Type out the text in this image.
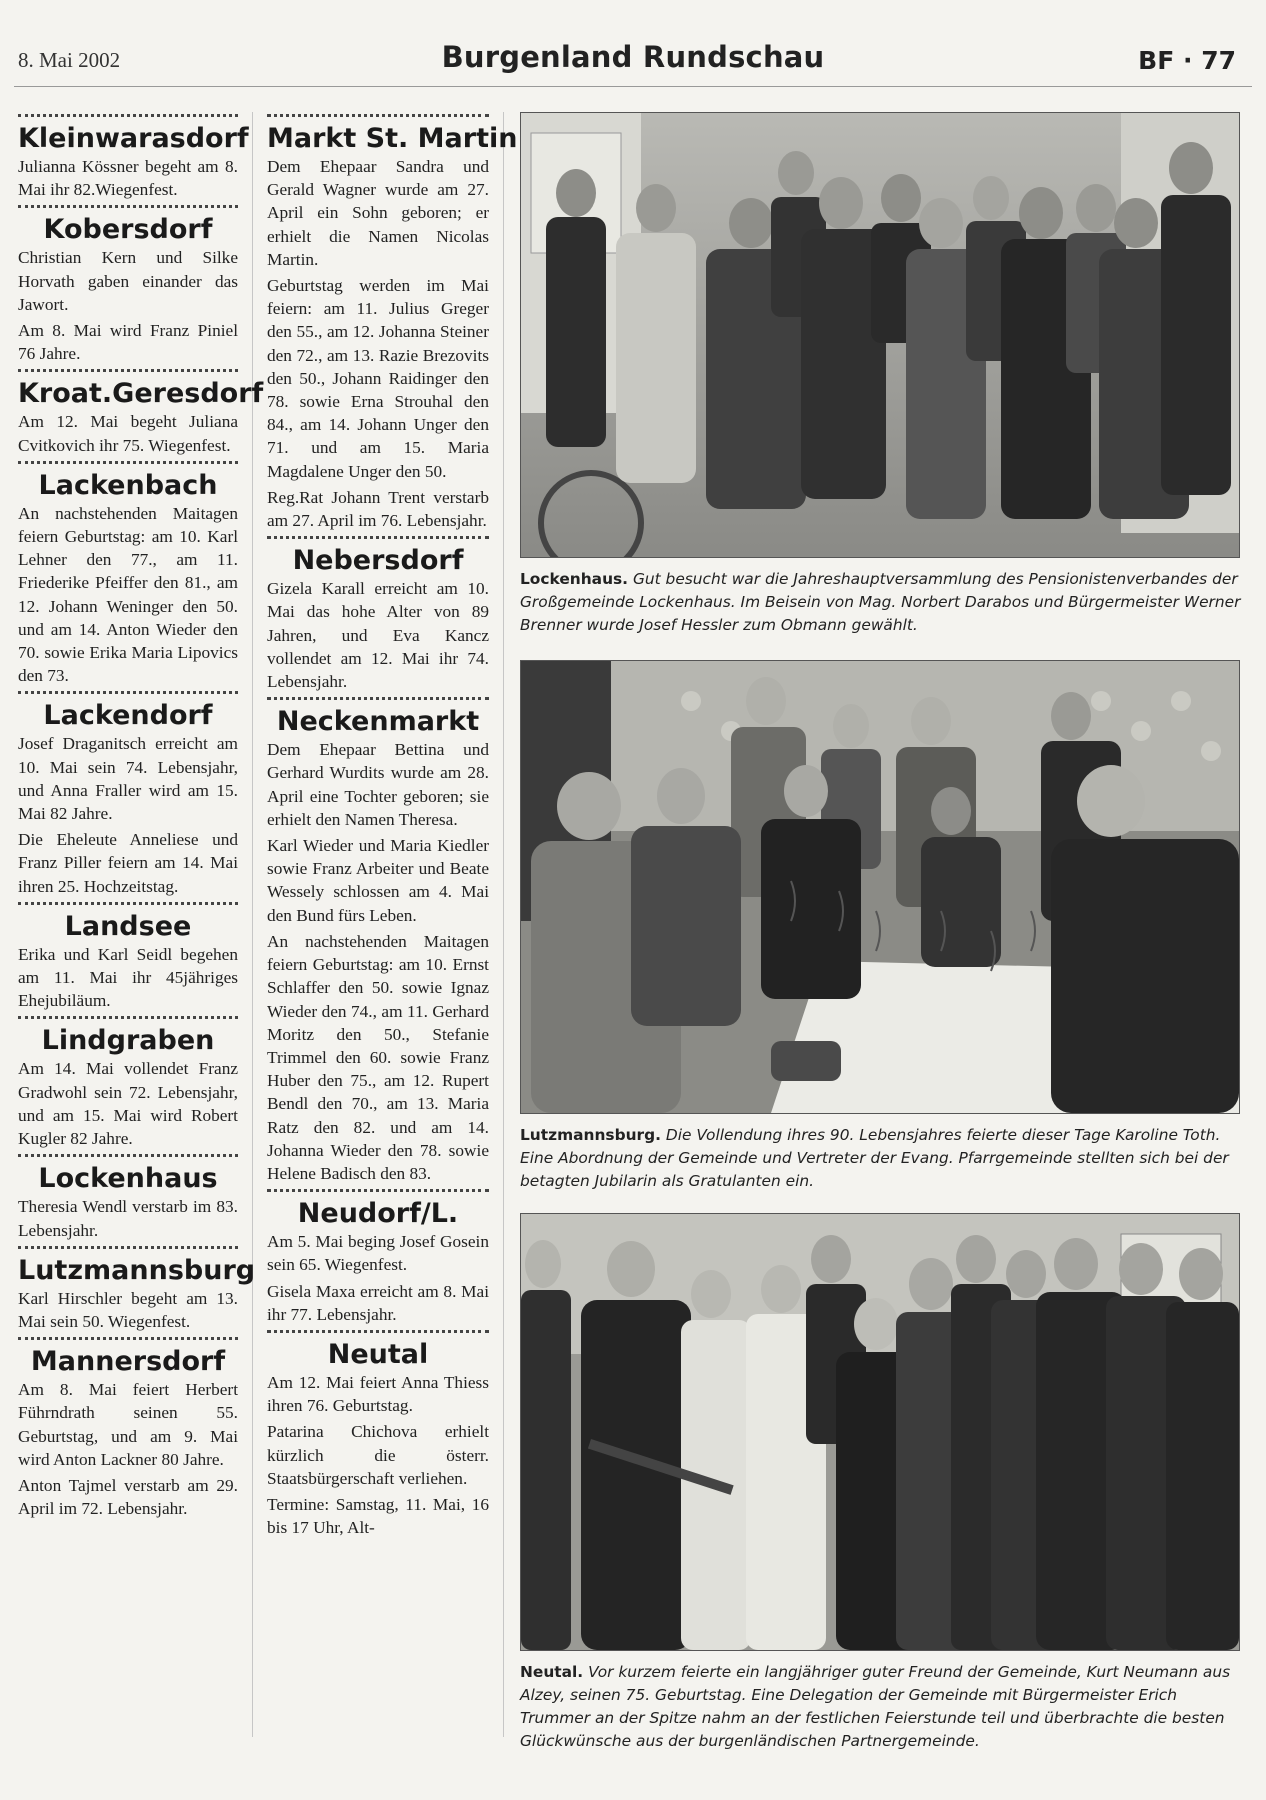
8. Mai 2002	Burgenland Rundschau	BF · 77
Kleinwarasdorf

Julianna Kössner begeht am 8. Mai ihr 82.Wiegenfest.

Kobersdorf

Christian Kern und Silke Horvath gaben einander das Jawort.

Am 8. Mai wird Franz Piniel 76 Jahre.

Kroat.Geresdorf

Am 12. Mai begeht Juliana Cvitkovich ihr 75. Wiegenfest.

Lackenbach

An nachstehenden Maitagen feiern Geburtstag: am 10. Karl Lehner den 77., am 11. Friederike Pfeiffer den 81., am 12. Johann Weninger den 50. und am 14. Anton Wieder den 70. sowie Erika Maria Lipovics den 73.

Lackendorf

Josef Draganitsch erreicht am 10. Mai sein 74. Lebensjahr, und Anna Fraller wird am 15. Mai 82 Jahre.

Die Eheleute Anneliese und Franz Piller feiern am 14. Mai ihren 25. Hochzeitstag.

Landsee

Erika und Karl Seidl begehen am 11. Mai ihr 45jähriges Ehejubiläum.

Lindgraben

Am 14. Mai vollendet Franz Gradwohl sein 72. Lebensjahr, und am 15. Mai wird Robert Kugler 82 Jahre.

Lockenhaus

Theresia Wendl verstarb im 83. Lebensjahr.

Lutzmannsburg

Karl Hirschler begeht am 13. Mai sein 50. Wiegenfest.

Mannersdorf

Am 8. Mai feiert Herbert Führndrath seinen 55. Geburtstag, und am 9. Mai wird Anton Lackner 80 Jahre.

Anton Tajmel verstarb am 29. April im 72. Lebensjahr.

Markt St. Martin

Dem Ehepaar Sandra und Gerald Wagner wurde am 27. April ein Sohn geboren; er erhielt die Namen Nicolas Martin.

Geburtstag werden im Mai feiern: am 11. Julius Greger den 55., am 12. Johanna Steiner den 72., am 13. Razie Brezovits den 50., Johann Raidinger den 78. sowie Erna Strouhal den 84., am 14. Johann Unger den 71. und am 15. Maria Magdalene Unger den 50.

Reg.Rat Johann Trent verstarb am 27. April im 76. Lebensjahr.

Nebersdorf

Gizela Karall erreicht am 10. Mai das hohe Alter von 89 Jahren, und Eva Kancz vollendet am 12. Mai ihr 74. Lebensjahr.

Neckenmarkt

Dem Ehepaar Bettina und Gerhard Wurdits wurde am 28. April eine Tochter geboren; sie erhielt den Namen Theresa.

Karl Wieder und Maria Kiedler sowie Franz Arbeiter und Beate Wessely schlossen am 4. Mai den Bund fürs Leben.

An nachstehenden Maitagen feiern Geburtstag: am 10. Ernst Schlaffer den 50. sowie Ignaz Wieder den 74., am 11. Gerhard Moritz den 50., Stefanie Trimmel den 60. sowie Franz Huber den 75., am 12. Rupert Bendl den 70., am 13. Maria Ratz den 82. und am 14. Johanna Wieder den 78. sowie Helene Badisch den 83.

Neudorf/L.

Am 5. Mai beging Josef Gosein sein 65. Wiegenfest.

Gisela Maxa erreicht am 8. Mai ihr 77. Lebensjahr.

Neutal

Am 12. Mai feiert Anna Thiess ihren 76. Geburtstag.

Patarina Chichova erhielt kürzlich die österr. Staatsbürgerschaft verliehen.

Termine: Samstag, 11. Mai, 16 bis 17 Uhr, Alt-

Lockenhaus. Gut besucht war die Jahreshauptversammlung des Pensionistenverbandes der Großgemeinde Lockenhaus. Im Beisein von Mag. Norbert Darabos und Bürgermeister Werner Brenner wurde Josef Hessler zum Obmann gewählt.
Lutzmannsburg. Die Vollendung ihres 90. Lebensjahres feierte dieser Tage Karoline Toth. Eine Abordnung der Gemeinde und Vertreter der Evang. Pfarrgemeinde stellten sich bei der betagten Jubilarin als Gratulanten ein.
Neutal. Vor kurzem feierte ein langjähriger guter Freund der Gemeinde, Kurt Neumann aus Alzey, seinen 75. Geburtstag. Eine Delegation der Gemeinde mit Bürgermeister Erich Trummer an der Spitze nahm an der festlichen Feierstunde teil und überbrachte die besten Glückwünsche aus der burgenländischen Partnergemeinde.
